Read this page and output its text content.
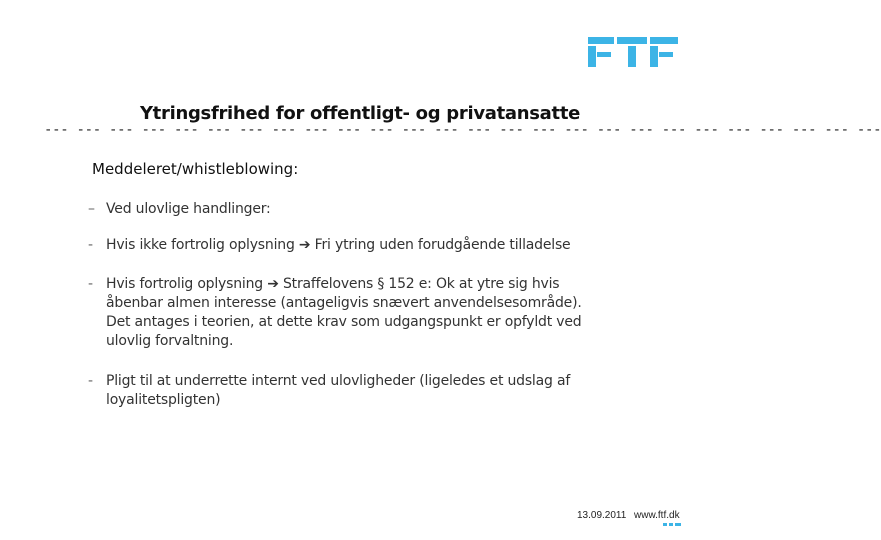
Ytringsfrihed for offentligt- og privatansatte
--- --- --- --- --- --- --- --- --- --- --- --- --- --- --- --- --- --- --- --- --- --- --- --- --- ---
Meddeleret/whistleblowing:
– Ved ulovlige handlinger:
- Hvis ikke fortrolig oplysning ➔ Fri ytring uden forudgående tilladelse
- Hvis fortrolig oplysning ➔ Straffelovens § 152 e: Ok at ytre sig hvis
åbenbar almen interesse (antageligvis snævert anvendelsesområde).
Det antages i teorien, at dette krav som udgangspunkt er opfyldt ved
ulovlig forvaltning.
- Pligt til at underrette internt ved ulovligheder (ligeledes et udslag af
loyalitetspligten)
13.09.2011 www.ftf.dk
